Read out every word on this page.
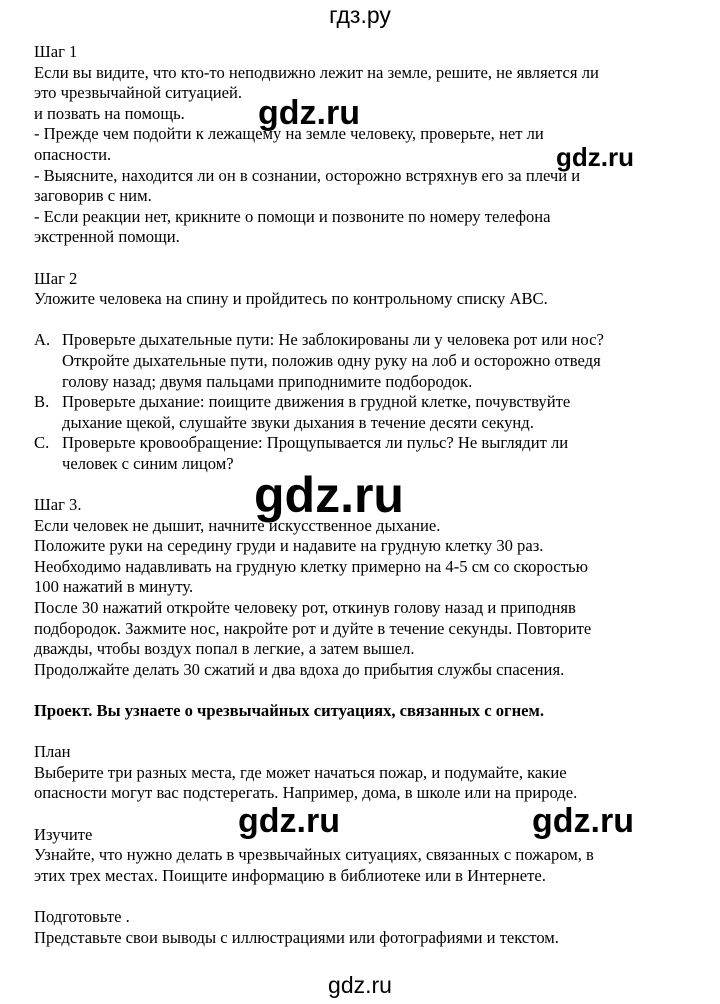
гдз.ру

Шаг 1

Если вы видите, что кто-то неподвижно лежит на земле, решите, не является ли

это чрезвычайной ситуацией.

и позвать на помощь.

- Прежде чем подойти к лежащему на земле человеку, проверьте, нет ли

опасности.

- Выясните, находится ли он в сознании, осторожно встряхнув его за плечи и

заговорив с ним.

- Если реакции нет, крикните о помощи и позвоните по номеру телефона

экстренной помощи.

Шаг 2

Уложите человека на спину и пройдитесь по контрольному списку АВС.

A. Проверьте дыхательные пути: Не заблокированы ли у человека рот или нос?
Откройте дыхательные пути, положив одну руку на лоб и осторожно отведя
голову назад; двумя пальцами приподнимите подбородок.
B. Проверьте дыхание: поищите движения в грудной клетке, почувствуйте
дыхание щекой, слушайте звуки дыхания в течение десяти секунд.
C. Проверьте кровообращение: Прощупывается ли пульс? Не выглядит ли
человек с синим лицом?

Шаг 3.

Если человек не дышит, начните искусственное дыхание.

Положите руки на середину груди и надавите на грудную клетку 30 раз.

Необходимо надавливать на грудную клетку примерно на 4-5 см со скоростью

100 нажатий в минуту.

После 30 нажатий откройте человеку рот, откинув голову назад и приподняв

подбородок. Зажмите нос, накройте рот и дуйте в течение секунды. Повторите

дважды, чтобы воздух попал в легкие, а затем вышел.

Продолжайте делать 30 сжатий и два вдоха до прибытия службы спасения.

Проект. Вы узнаете о чрезвычайных ситуациях, связанных с огнем.

План

Выберите три разных места, где может начаться пожар, и подумайте, какие

опасности могут вас подстерегать. Например, дома, в школе или на природе.

Изучите

Узнайте, что нужно делать в чрезвычайных ситуациях, связанных с пожаром, в

этих трех местах. Поищите информацию в библиотеке или в Интернете.

Подготовьте .

Представьте свои выводы с иллюстрациями или фотографиями и текстом.

gdz.ru
gdz.ru
gdz.ru
gdz.ru	gdz.ru
gdz.ru
